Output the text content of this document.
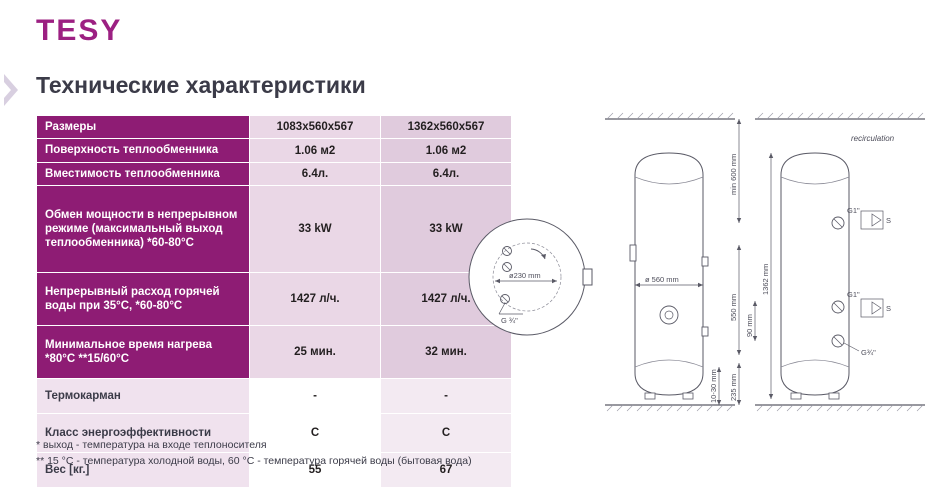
TESY
Технические характеристики
Размеры	1083x560x567	1362x560x567
Поверхность теплообменника	1.06 м2	1.06 м2
Вместимость теплообменника	6.4л.	6.4л.
Обмен мощности в непрерывном режиме (максимальный выход теплообменника) *60-80°С	33 kW	33 kW
Непрерывный расход горячей воды при 35°С, *60-80°С	1427 л/ч.	1427 л/ч.
Минимальное время нагрева *80°С **15/60°С	25 мин.	32 мин.
Термокарман	-	-
Класс энергоэффективности	С	С
Вес [кг.]	55	67
* выход - температура на входе теплоносителя
** 15 °С - температура холодной воды, 60 °С - температура горячей воды (бытовая вода)
ø230 mm
G ¾"
ø 560 mm
recirculation
G1"
S
G1"
S
G¾"
1362 mm
min 600 mm
550 mm
90 mm
235 mm
10-30 mm
